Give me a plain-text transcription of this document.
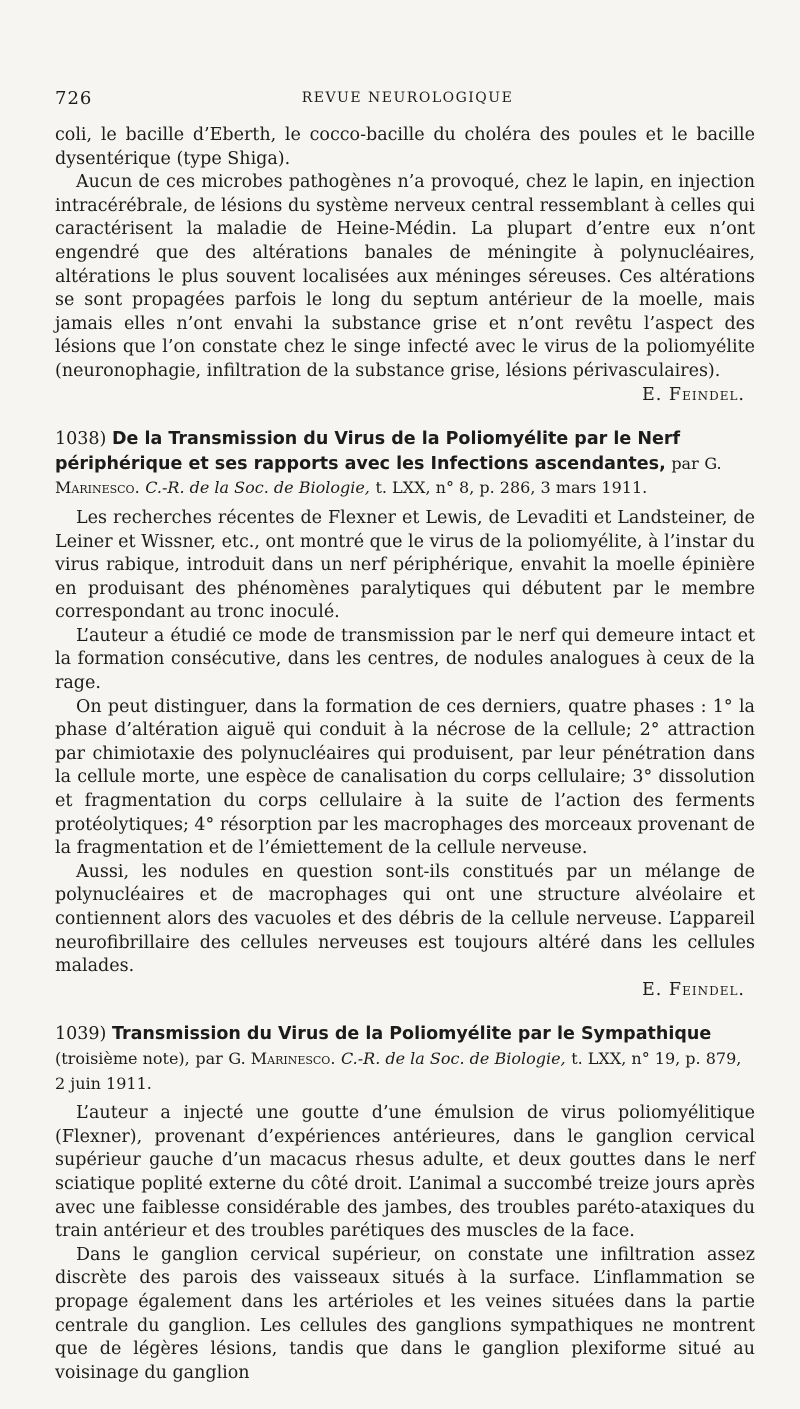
726	REVUE NEUROLOGIQUE

coli, le bacille d’Eberth, le cocco-bacille du choléra des poules et le bacille dysentérique (type Shiga).

Aucun de ces microbes pathogènes n’a provoqué, chez le lapin, en injection intracérébrale, de lésions du système nerveux central ressemblant à celles qui caractérisent la maladie de Heine-Médin. La plupart d’entre eux n’ont engendré que des altérations banales de méningite à polynucléaires, altérations le plus souvent localisées aux méninges séreuses. Ces altérations se sont propagées parfois le long du septum antérieur de la moelle, mais jamais elles n’ont envahi la substance grise et n’ont revêtu l’aspect des lésions que l’on constate chez le singe infecté avec le virus de la poliomyélite (neuronophagie, infiltration de la substance grise, lésions périvasculaires).

E. Feindel.

1038) De la Transmission du Virus de la Poliomyélite par le Nerf périphérique et ses rapports avec les Infections ascendantes, par G. Marinesco. C.-R. de la Soc. de Biologie, t. LXX, n° 8, p. 286, 3 mars 1911.

Les recherches récentes de Flexner et Lewis, de Levaditi et Landsteiner, de Leiner et Wissner, etc., ont montré que le virus de la poliomyélite, à l’instar du virus rabique, introduit dans un nerf périphérique, envahit la moelle épinière en produisant des phénomènes paralytiques qui débutent par le membre correspondant au tronc inoculé.

L’auteur a étudié ce mode de transmission par le nerf qui demeure intact et la formation consécutive, dans les centres, de nodules analogues à ceux de la rage.

On peut distinguer, dans la formation de ces derniers, quatre phases : 1° la phase d’altération aiguë qui conduit à la nécrose de la cellule; 2° attraction par chimiotaxie des polynucléaires qui produisent, par leur pénétration dans la cellule morte, une espèce de canalisation du corps cellulaire; 3° dissolution et fragmentation du corps cellulaire à la suite de l’action des ferments protéolytiques; 4° résorption par les macrophages des morceaux provenant de la fragmentation et de l’émiettement de la cellule nerveuse.

Aussi, les nodules en question sont-ils constitués par un mélange de polynucléaires et de macrophages qui ont une structure alvéolaire et contiennent alors des vacuoles et des débris de la cellule nerveuse. L’appareil neurofibrillaire des cellules nerveuses est toujours altéré dans les cellules malades.

E. Feindel.

1039) Transmission du Virus de la Poliomyélite par le Sympathique (troisième note), par G. Marinesco. C.-R. de la Soc. de Biologie, t. LXX, n° 19, p. 879, 2 juin 1911.

L’auteur a injecté une goutte d’une émulsion de virus poliomyélitique (Flexner), provenant d’expériences antérieures, dans le ganglion cervical supérieur gauche d’un macacus rhesus adulte, et deux gouttes dans le nerf sciatique poplité externe du côté droit. L’animal a succombé treize jours après avec une faiblesse considérable des jambes, des troubles paréto-ataxiques du train antérieur et des troubles parétiques des muscles de la face.

Dans le ganglion cervical supérieur, on constate une infiltration assez discrète des parois des vaisseaux situés à la surface. L’inflammation se propage également dans les artérioles et les veines situées dans la partie centrale du ganglion. Les cellules des ganglions sympathiques ne montrent que de légères lésions, tandis que dans le ganglion plexiforme situé au voisinage du ganglion
